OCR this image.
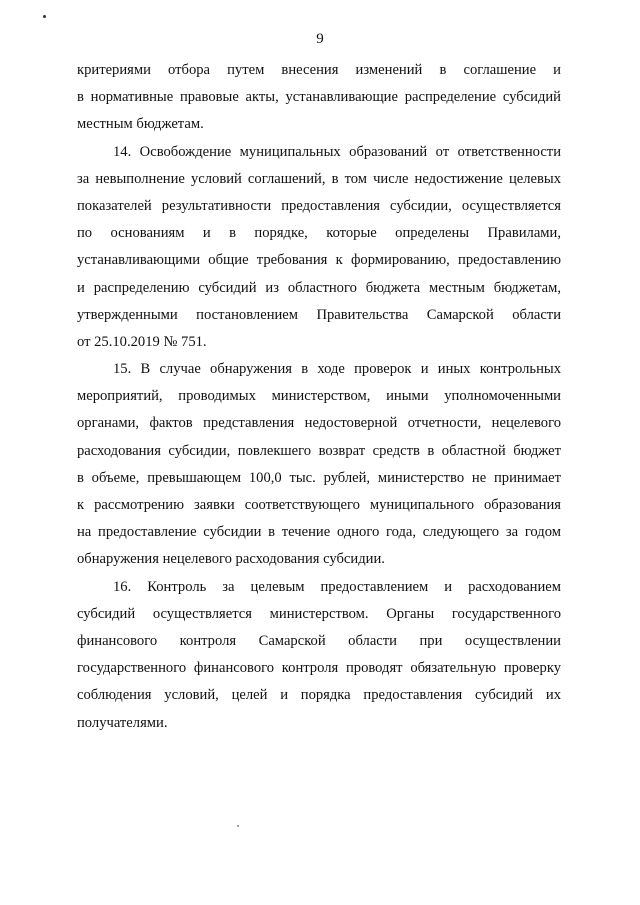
9
критериями отбора путем внесения изменений в соглашение и
в нормативные правовые акты, устанавливающие распределение субсидий
местным бюджетам.
14. Освобождение муниципальных образований от ответственности
за невыполнение условий соглашений, в том числе недостижение целевых
показателей результативности предоставления субсидии, осуществляется
по основаниям и в порядке, которые определены Правилами,
устанавливающими общие требования к формированию, предоставлению
и распределению субсидий из областного бюджета местным бюджетам,
утвержденными постановлением Правительства Самарской области
от 25.10.2019 № 751.
15. В случае обнаружения в ходе проверок и иных контрольных
мероприятий, проводимых министерством, иными уполномоченными
органами, фактов представления недостоверной отчетности, нецелевого
расходования субсидии, повлекшего возврат средств в областной бюджет
в объеме, превышающем 100,0 тыс. рублей, министерство не принимает
к рассмотрению заявки соответствующего муниципального образования
на предоставление субсидии в течение одного года, следующего за годом
обнаружения нецелевого расходования субсидии.
16. Контроль за целевым предоставлением и расходованием
субсидий осуществляется министерством. Органы государственного
финансового контроля Самарской области при осуществлении
государственного финансового контроля проводят обязательную проверку
соблюдения условий, целей и порядка предоставления субсидий их
получателями.
